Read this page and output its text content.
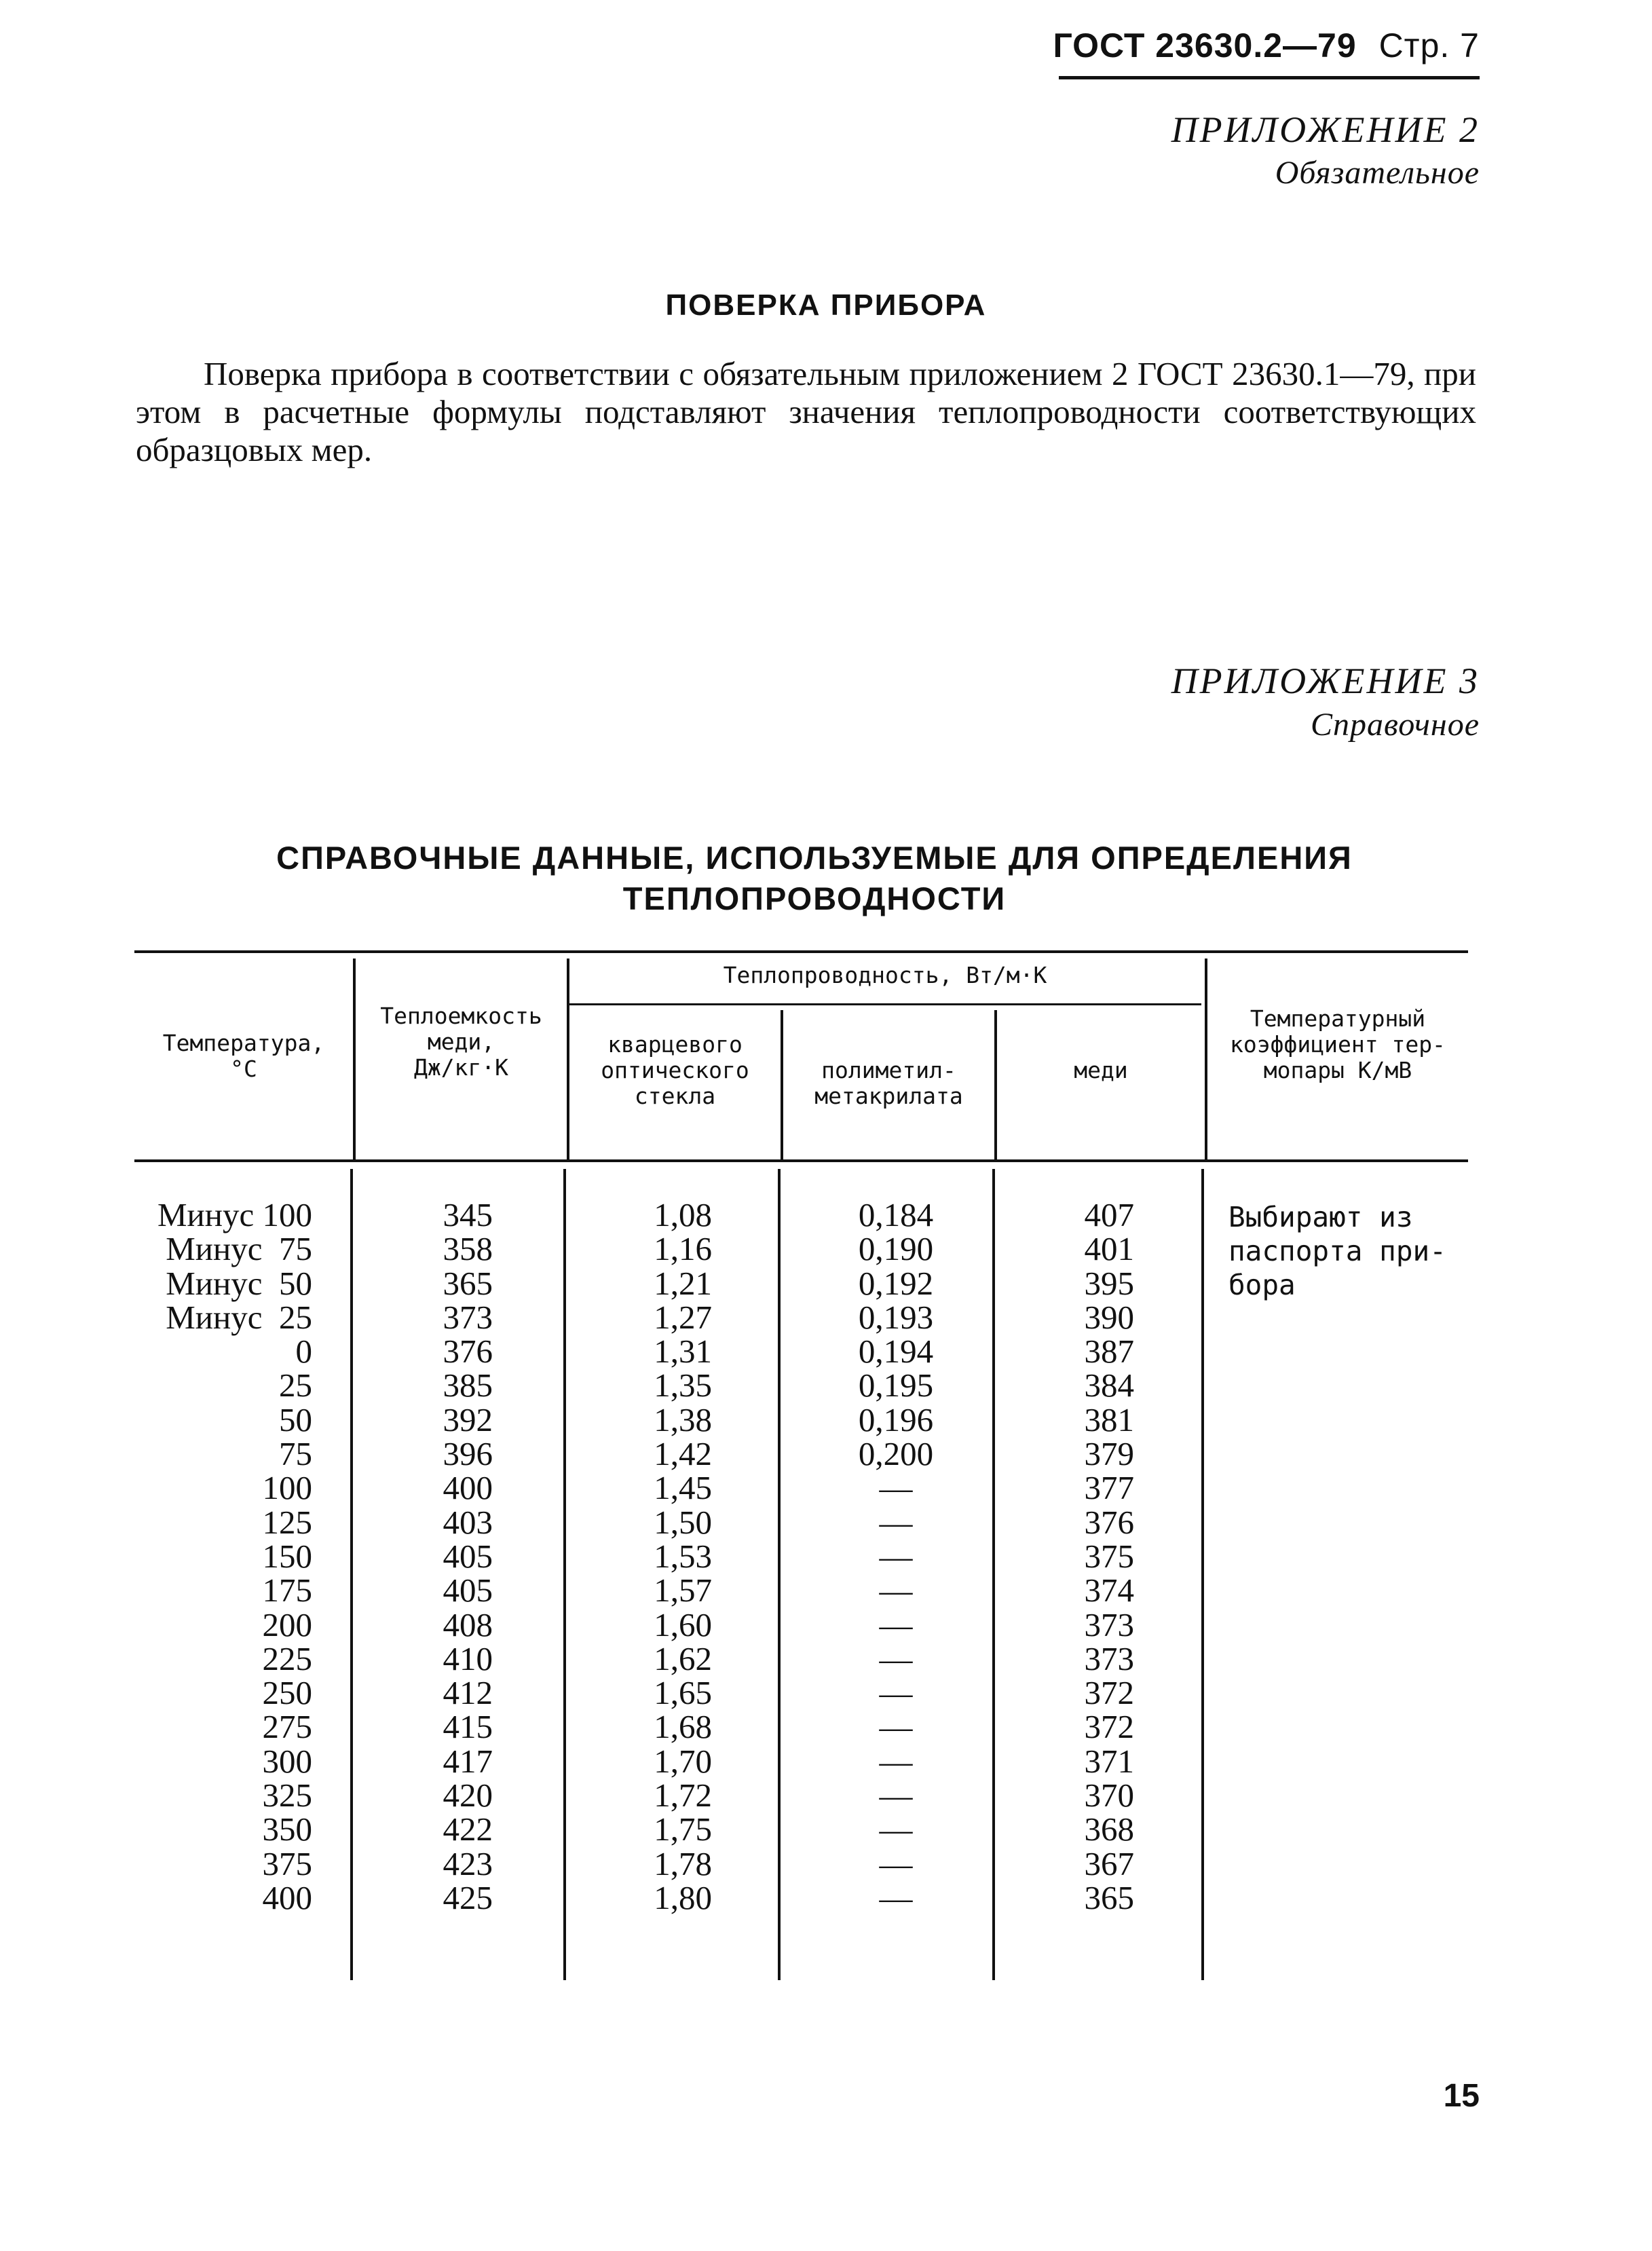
ГОСТ 23630.2—79 Стр. 7
ПРИЛОЖЕНИЕ 2
Обязательное
ПОВЕРКА ПРИБОРА
Поверка прибора в соответствии с обязательным приложением 2 ГОСТ 23630.1—79, при этом в расчетные формулы подставляют значения теплопроводности соответствующих образцовых мер.
ПРИЛОЖЕНИЕ 3
Справочное
СПРАВОЧНЫЕ ДАННЫЕ, ИСПОЛЬЗУЕМЫЕ ДЛЯ ОПРЕДЕЛЕНИЯ
ТЕПЛОПРОВОДНОСТИ
Температура,
°С
Теплоемкость
меди,
Дж/кг·К
Теплопроводность, Вт/м·К
кварцевого
оптического
стекла
полиметил-
метакрилата
меди
Температурный
коэффициент тер-
мопары К/мВ
Минус 100
Минус  75
Минус  50
Минус  25
0
25
50
75
100
125
150
175
200
225
250
275
300
325
350
375
400
345
358
365
373
376
385
392
396
400
403
405
405
408
410
412
415
417
420
422
423
425
1,08
1,16
1,21
1,27
1,31
1,35
1,38
1,42
1,45
1,50
1,53
1,57
1,60
1,62
1,65
1,68
1,70
1,72
1,75
1,78
1,80
0,184
0,190
0,192
0,193
0,194
0,195
0,196
0,200
—
—
—
—
—
—
—
—
—
—
—
—
—
407
401
395
390
387
384
381
379
377
376
375
374
373
373
372
372
371
370
368
367
365
Выбирают из
паспорта при-
бора
15
